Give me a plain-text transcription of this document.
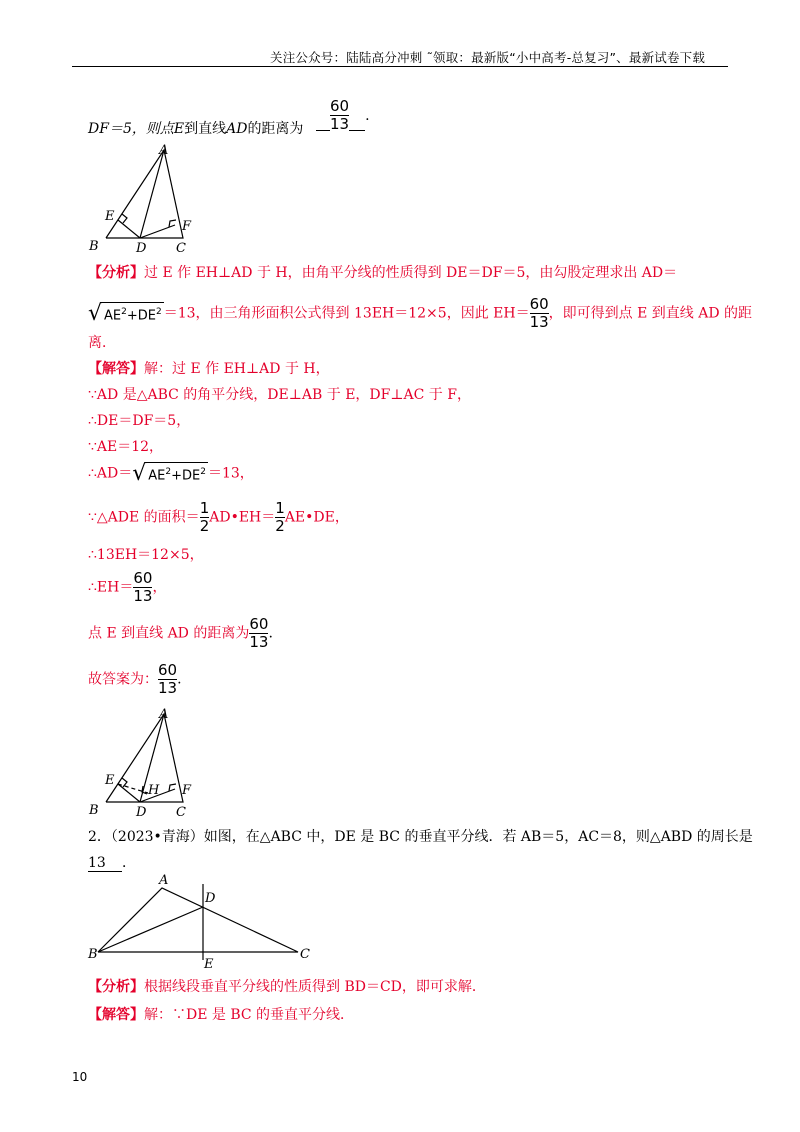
关注公众号：陆陆高分冲刺 ˜领取：最新版“小中高考-总复习”、最新试卷下载
DF＝5，则点E到直线AD的距离为 $\frac{60}{13}$ .
A
B	C
D
E
F
【分析】过 E 作 EH⊥AD 于 H，由角平分线的性质得到 DE＝DF＝5，由勾股定理求出 AD＝
√ $AE^2+DE^2 =13$，由三角形面积公式得到 13EH＝12×5，因此 $EH= \frac{60}{13}$ ，即可得到点 E 到直线 AD 的距
离．
【解答】解：过 E 作 EH⊥AD 于 H，
∵AD 是△ABC 的角平分线，DE⊥AB 于 E，DF⊥AC 于 F，
∴DE＝DF＝5，
∵AE＝12，
∴AD＝√ $AE^2+DE^2 =13$，
∵△ADE 的面积＝ $\frac{1}{2}$ AD•EH＝ $\frac{1}{2}$ AE•DE，
∴13EH＝12×5，
∴EH＝ $\frac{60}{13}$ ，
点 E 到直线 AD 的距离为 $\frac{60}{13}$ .
故答案为： $\frac{60}{13}$ .
A
B	C
D
E
F
H
2．（2023•青海）如图，在△ABC 中，DE 是 BC 的垂直平分线．若 AB＝5，AC＝8，则△ABD 的周长是
13 ．
A
B	C
D
E
【分析】根据线段垂直平分线的性质得到 BD＝CD，即可求解．
【解答】解：∵DE 是 BC 的垂直平分线．
10
